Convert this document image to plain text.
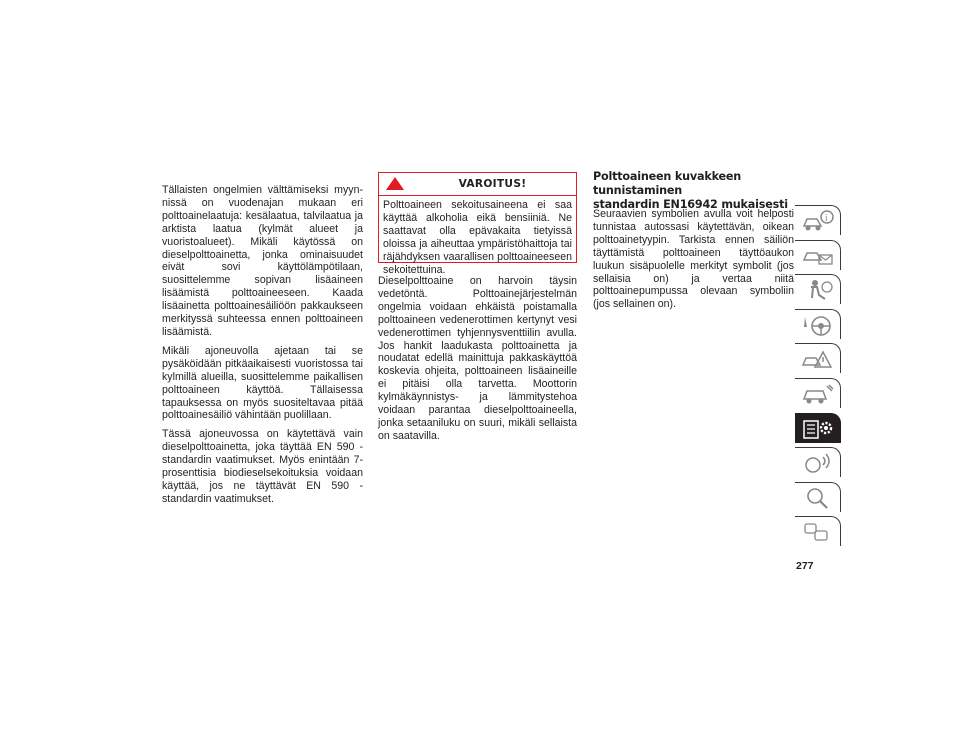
Tällaisten ongelmien välttämiseksi myynnissä on vuodenajan mukaan eri polttoainelaatuja: kesälaatua, talvilaatua ja arktista laatua (kylmät alueet ja vuoristoalueet). Mikäli käytössä on dieselpolttoainetta, jonka ominaisuudet eivät sovi käyttölämpötilaan, suosittelemme sopivan lisäaineen lisäämistä polttoaineeseen. Kaada lisäainetta polttoainesäiliöön pakkaukseen merkityssä suhteessa ennen polttoaineen lisäämistä.

Mikäli ajoneuvolla ajetaan tai se pysäköidään pitkäaikaisesti vuoristossa tai kylmillä alueilla, suosittelemme paikallisen polttoaineen käyttöä. Tällaisessa tapauksessa on myös suositeltavaa pitää polttoainesäiliö vähintään puolillaan.

Tässä ajoneuvossa on käytettävä vain dieselpolttoainetta, joka täyttää EN 590 -standardin vaatimukset. Myös enintään 7-prosenttisia biodieselsekoituksia voidaan käyttää, jos ne täyttävät EN 590 -standardin vaatimukset.

VAROITUS!
Polttoaineen sekoitusaineena ei saa käyttää alkoholia eikä bensiiniä. Ne saattavat olla epävakaita tietyissä oloissa ja aiheuttaa ympäristöhaittoja tai räjähdyksen vaarallisen polttoaineeseen sekoitettuina.

Dieselpolttoaine on harvoin täysin vedetöntä. Polttoainejärjestelmän ongelmia voidaan ehkäistä poistamalla polttoaineen vedenerottimen kertynyt vesi vedenerottimen tyhjennysventtiilin avulla. Jos hankit laadukasta polttoainetta ja noudatat edellä mainittuja pakkaskäyttöä koskevia ohjeita, polttoaineen lisäaineille ei pitäisi olla tarvetta. Moottorin kylmäkäynnistys- ja lämmitystehoa voidaan parantaa dieselpolttoaineella, jonka setaaniluku on suuri, mikäli sellaista on saatavilla.

Polttoaineen kuvakkeen tunnistaminen
standardin EN16942 mukaisesti

Seuraavien symbolien avulla voit helposti tunnistaa autossasi käytettävän, oikean polttoainetyypin. Tarkista ennen säiliön täyttämistä polttoaineen täyttöaukon luukun sisäpuolelle merkityt symbolit (jos sellaisia on) ja vertaa niitä polttoainepumpussa olevaan symboliin (jos sellainen on).

i
277
